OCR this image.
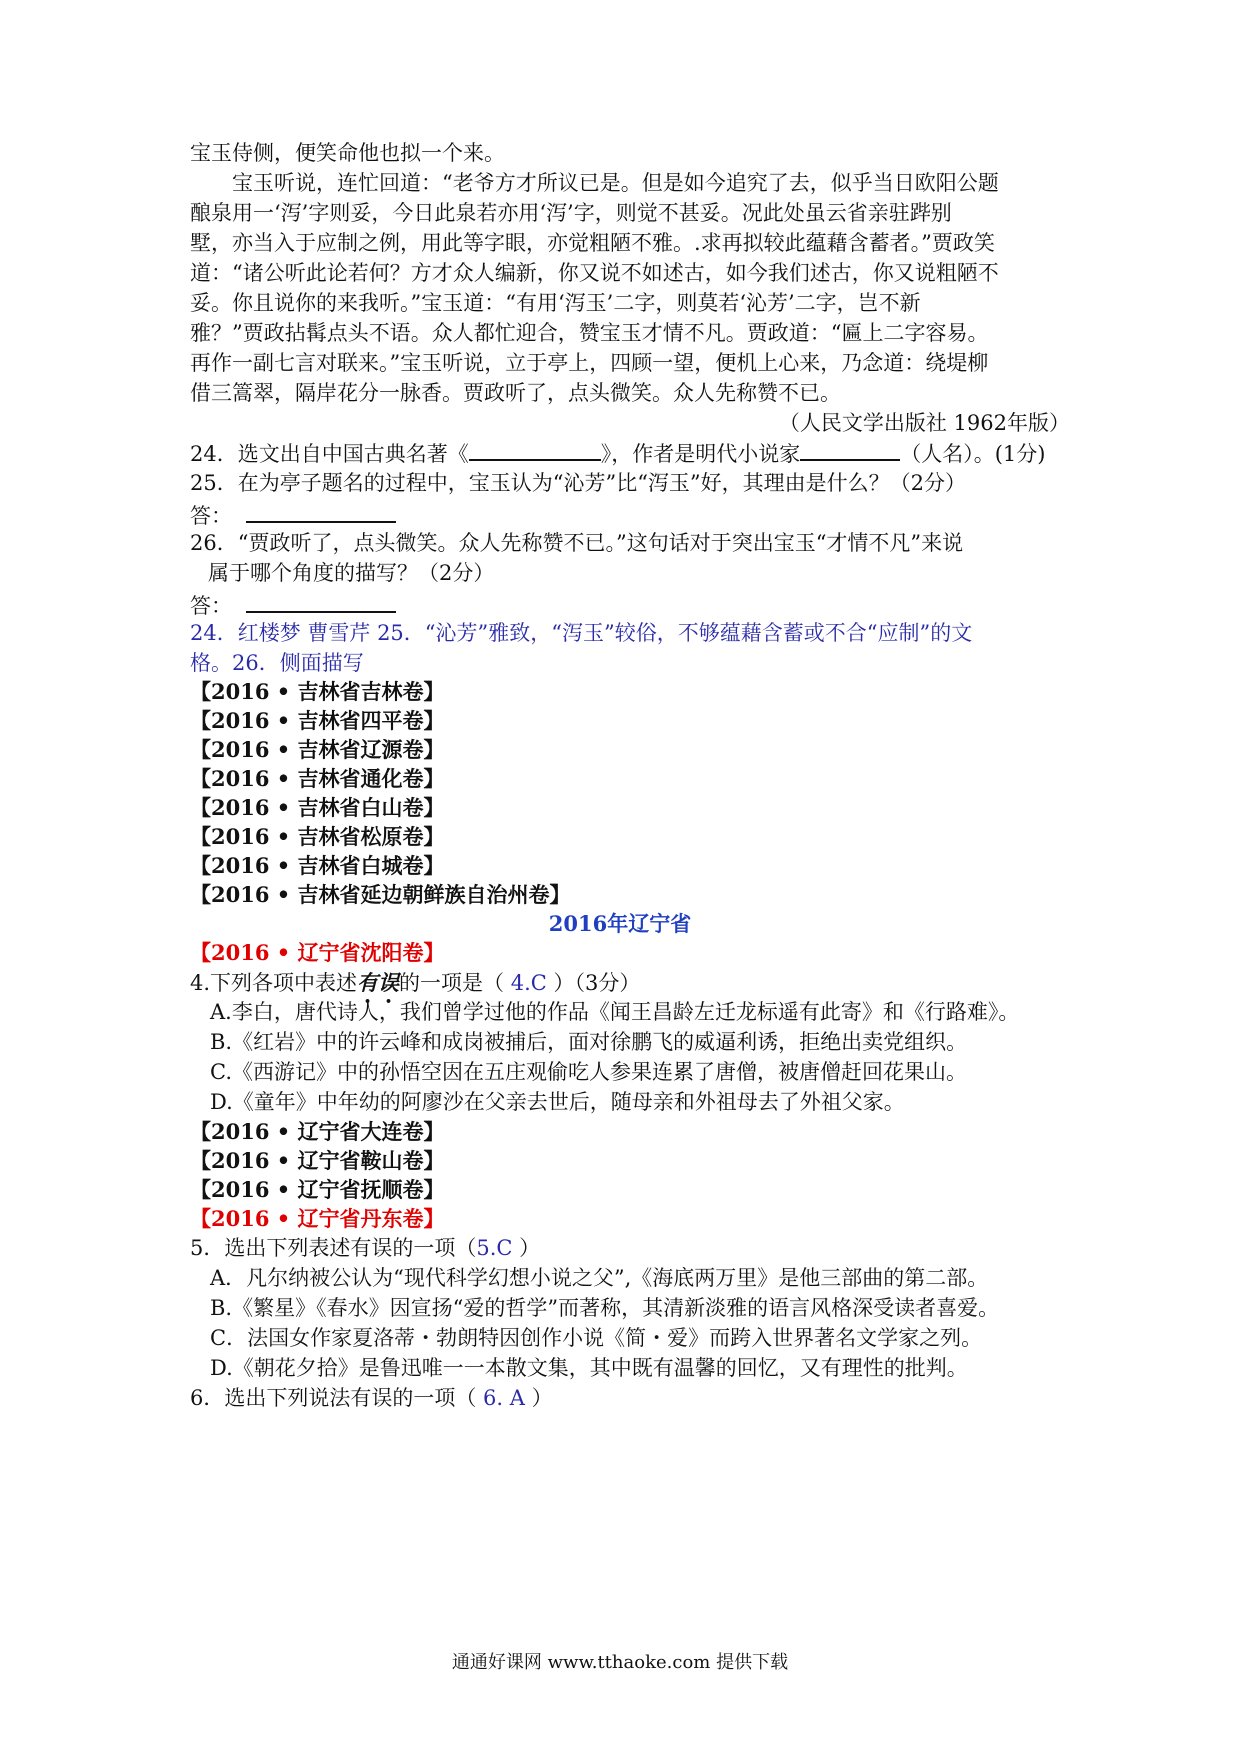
宝玉侍侧，便笑命他也拟一个来。
宝玉听说，连忙回道：“老爷方才所议已是。但是如今追究了去，似乎当日欧阳公题
酿泉用一‘泻’字则妥，今日此泉若亦用‘泻’字，则觉不甚妥。况此处虽云省亲驻跸别
墅，亦当入于应制之例，用此等字眼，亦觉粗陋不雅。.求再拟较此蕴藉含蓄者。”贾政笑
道：“诸公听此论若何？方才众人编新，你又说不如述古，如今我们述古，你又说粗陋不
妥。你且说你的来我听。”宝玉道：“有用‘泻玉’二字，则莫若‘沁芳’二字，岂不新
雅？”贾政拈髯点头不语。众人都忙迎合，赞宝玉才情不凡。贾政道：“匾上二字容易。
再作一副七言对联来。”宝玉听说，立于亭上，四顾一望，便机上心来，乃念道：绕堤柳
借三篙翠，隔岸花分一脉香。贾政听了，点头微笑。众人先称赞不已。
（人民文学出版社 1962年版）
24．选文出自中国古典名著《	》，作者是明代小说家	（人名）。(1分)
25．在为亭子题名的过程中，宝玉认为“沁芳”比“泻玉”好，其理由是什么？（2分）
答：
26．“贾政听了，点头微笑。众人先称赞不已。”这句话对于突出宝玉“才情不凡”来说
属于哪个角度的描写？（2分）
答：
24．红楼梦 曹雪芹 25．“沁芳”雅致，“泻玉”较俗，不够蕴藉含蓄或不合“应制”的文
格。26．侧面描写
【2016 • 吉林省吉林卷】
【2016 • 吉林省四平卷】
【2016 • 吉林省辽源卷】
【2016 • 吉林省通化卷】
【2016 • 吉林省白山卷】
【2016 • 吉林省松原卷】
【2016 • 吉林省白城卷】
【2016 • 吉林省延边朝鲜族自治州卷】
2016年辽宁省
【2016 • 辽宁省沈阳卷】
4.下列各项中表述有误的一项是（ 4.C ）（3分）
A.李白，唐代诗人，我们曾学过他的作品《闻王昌龄左迁龙标遥有此寄》和《行路难》。
B.《红岩》中的许云峰和成岗被捕后，面对徐鹏飞的威逼利诱，拒绝出卖党组织。
C.《西游记》中的孙悟空因在五庄观偷吃人参果连累了唐僧，被唐僧赶回花果山。
D.《童年》中年幼的阿廖沙在父亲去世后，随母亲和外祖母去了外祖父家。
【2016 • 辽宁省大连卷】
【2016 • 辽宁省鞍山卷】
【2016 • 辽宁省抚顺卷】
【2016 • 辽宁省丹东卷】
5．选出下列表述有误的一项（5.C ）
A．凡尔纳被公认为“现代科学幻想小说之父”,《海底两万里》是他三部曲的第二部。
B.《繁星》《春水》因宣扬“爱的哲学”而著称，其清新淡雅的语言风格深受读者喜爱。
C．法国女作家夏洛蒂・勃朗特因创作小说《简・爱》而跨入世界著名文学家之列。
D.《朝花夕拾》是鲁迅唯一一本散文集，其中既有温馨的回忆，又有理性的批判。
6．选出下列说法有误的一项（ 6. A ）
通通好课网 www.tthaoke.com 提供下载
